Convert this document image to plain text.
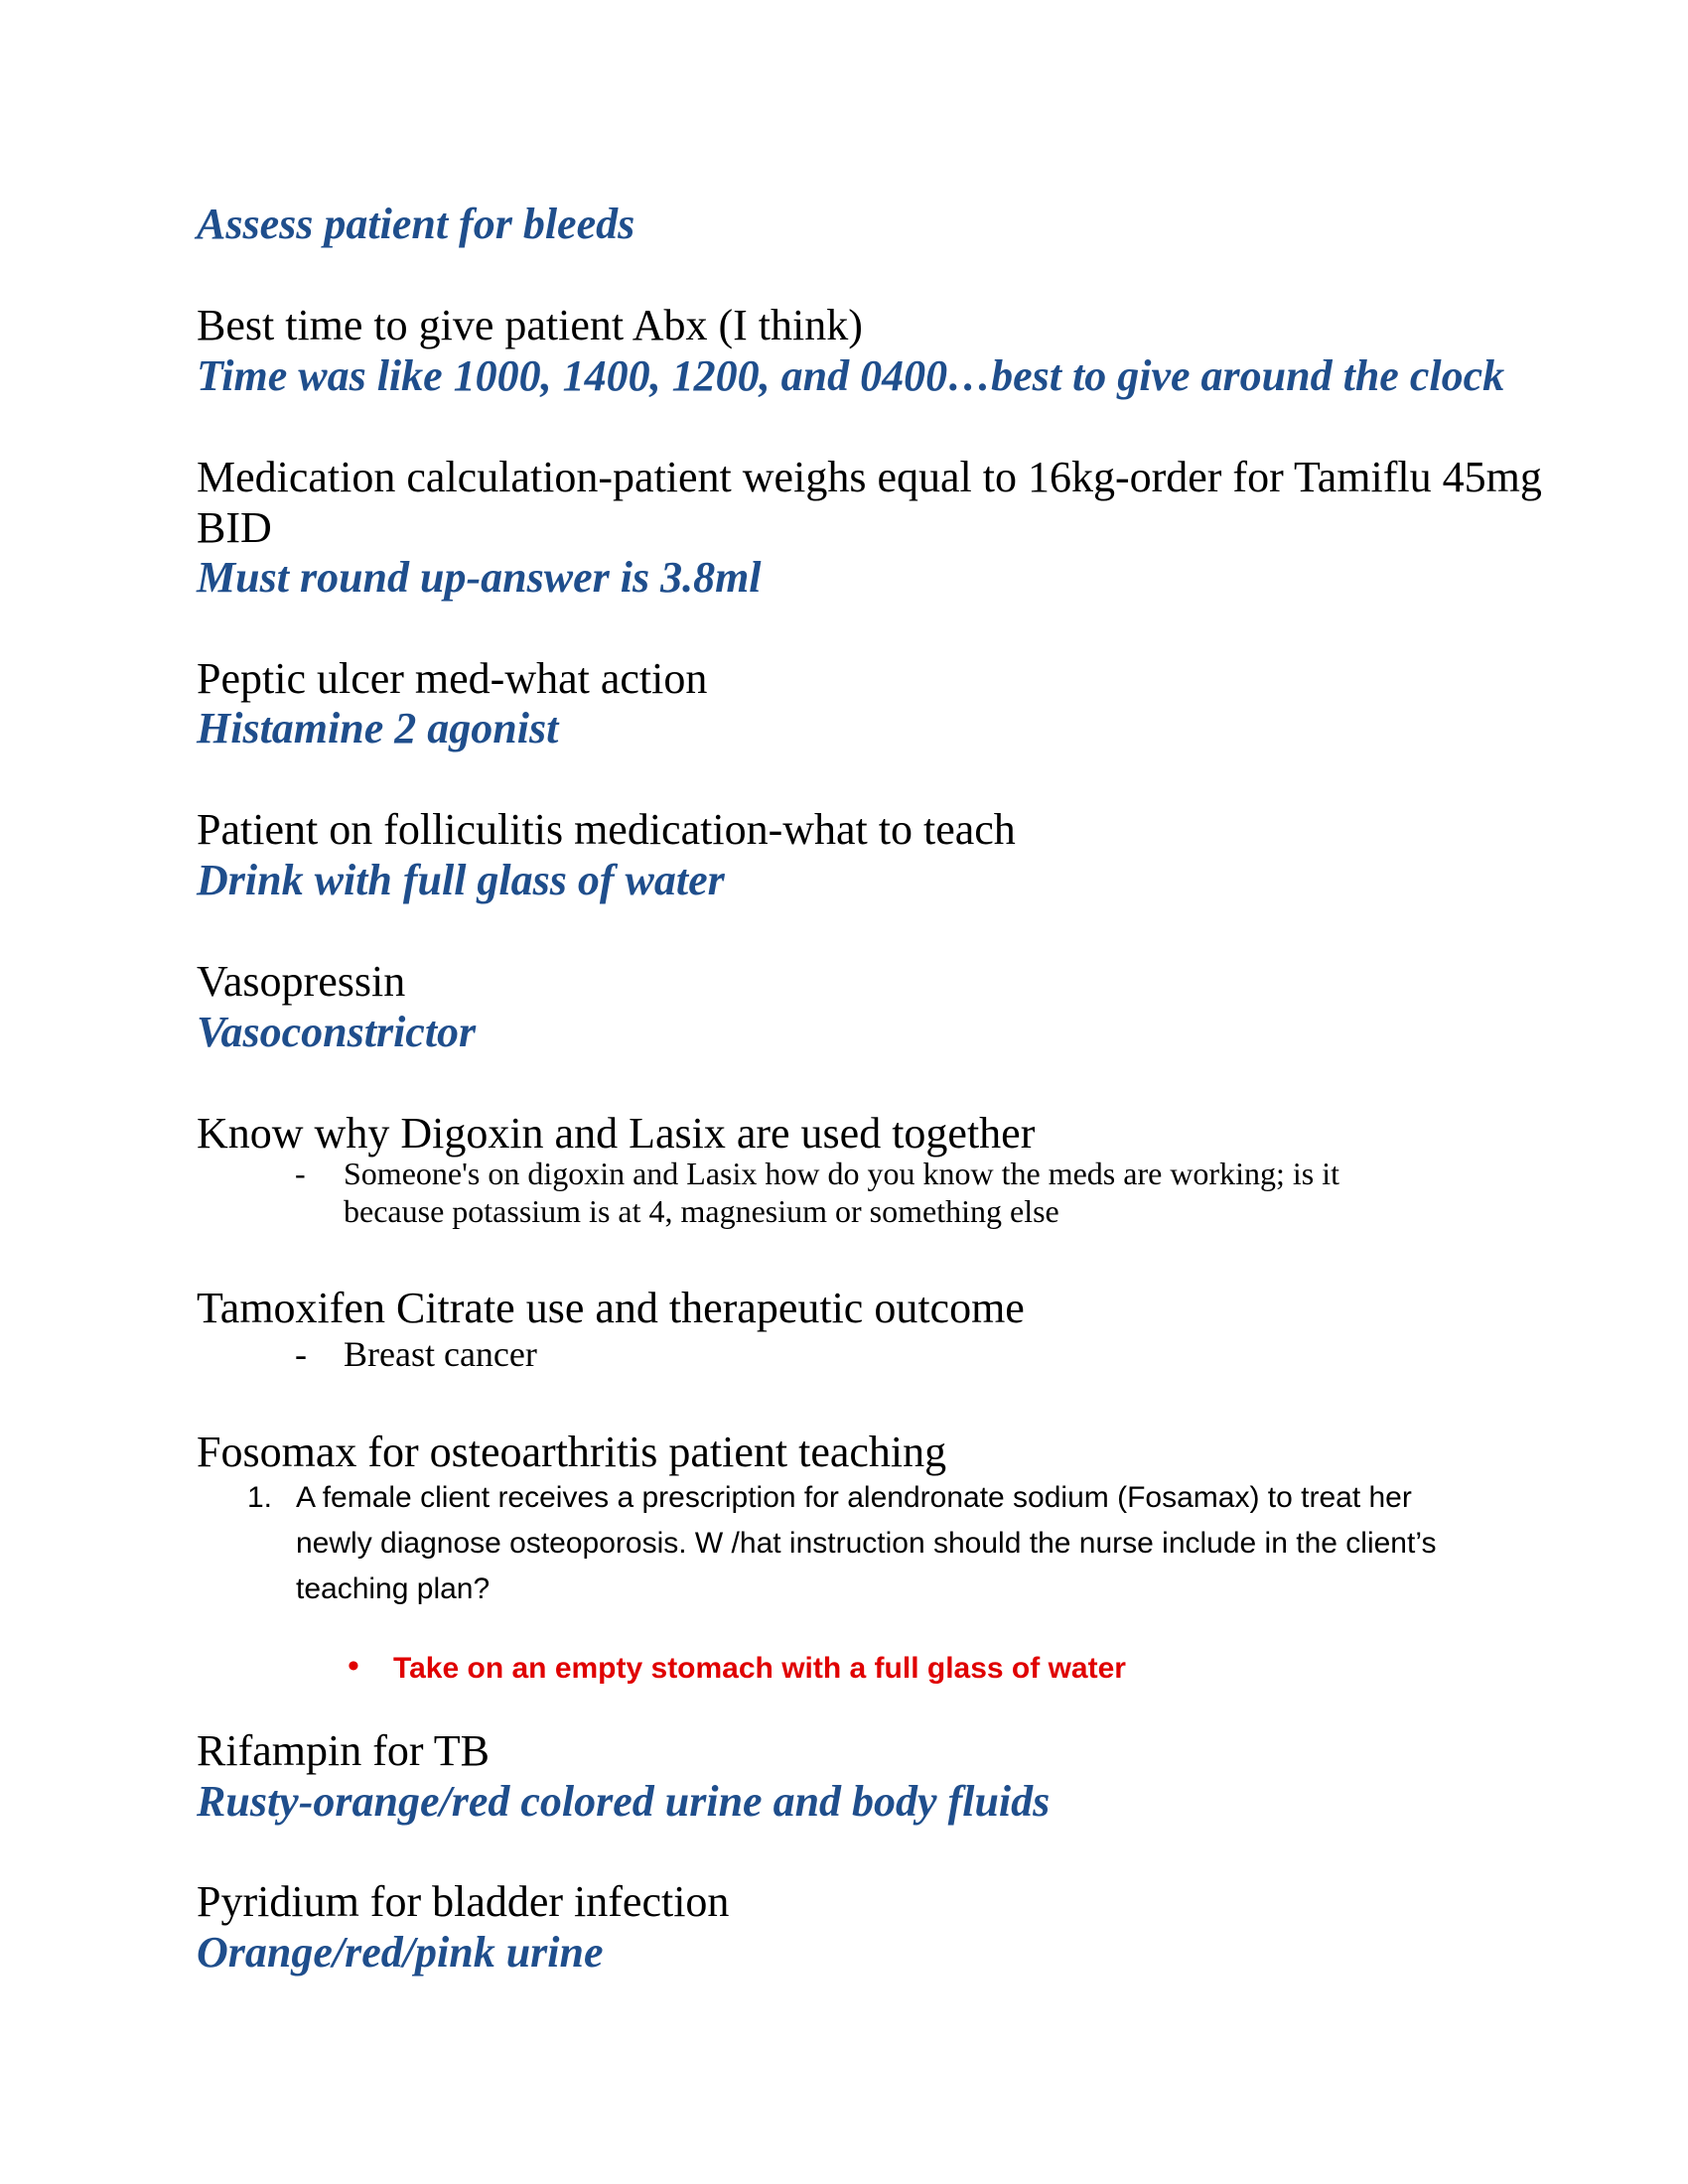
Assess patient for bleeds
Best time to give patient Abx (I think)
Time was like 1000, 1400, 1200, and 0400…best to give around the clock
Medication calculation-patient weighs equal to 16kg-order for Tamiflu 45mg
BID
Must round up-answer is 3.8ml
Peptic ulcer med-what action
Histamine 2 agonist
Patient on folliculitis medication-what to teach
Drink with full glass of water
Vasopressin
Vasoconstrictor
Know why Digoxin and Lasix are used together
- Someone's on digoxin and Lasix how do you know the meds are working; is it
because potassium is at 4, magnesium or something else
Tamoxifen Citrate use and therapeutic outcome
- Breast cancer
Fosomax for osteoarthritis patient teaching
1. A female client receives a prescription for alendronate sodium (Fosamax) to treat her
newly diagnose osteoporosis. W /hat instruction should the nurse include in the client’s
teaching plan?
• Take on an empty stomach with a full glass of water
Rifampin for TB
Rusty-orange/red colored urine and body fluids
Pyridium for bladder infection
Orange/red/pink urine
